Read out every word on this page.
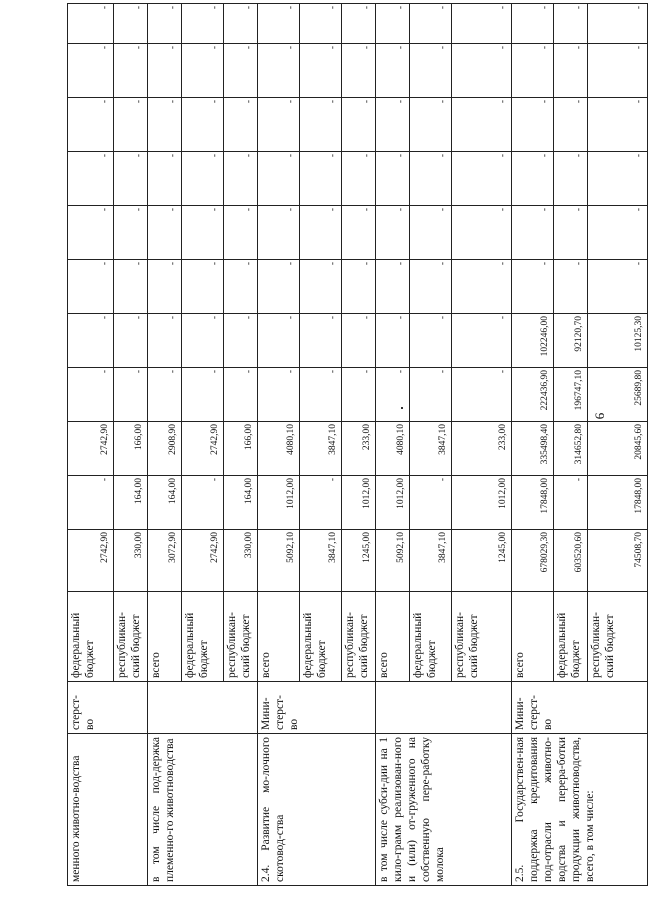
9
менного животно-водства	стерст-во	федеральный бюджет	2742,90	-	2742,90	-	-	-	-	-	-	-	-
		республикан-ский бюджет	330,00	164,00	166,00	-	-	-	-	-	-	-	-
в том числе под-держка племенно-го животноводства		всего	3072,90	164,00	2908,90	-	-	-	-	-	-	-	-
		федеральный бюджет	2742,90	-	2742,90	-	-	-	-	-	-	-	-
		республикан-ский бюджет	330,00	164,00	166,00	-	-	-	-	-	-	-	-
2.4. Развитие мо-лочного скотовод-ства	Мини-стерст-во	всего	5092,10	1012,00	4080,10	-	-	-	-	-	-	-	-
		федеральный бюджет	3847,10	-	3847,10	-	-	-	-	-	-	-	-
		республикан-ский бюджет	1245,00	1012,00	233,00	-	-	-	-	-	-	-	-
в том числе субси-дии на 1 кило-грамм реализован-ного и (или) от-груженного на собственную пере-работку молока		всего	5092,10	1012,00	4080,10	-	-	-	-	-	-	-	-
		федеральный бюджет	3847,10	-	3847,10	-	-	-	-	-	-	-	-
		республикан-ский бюджет	1245,00	1012,00	233,00	-	-	-	-	-	-	-	-
2.5. Государствен-ная поддержка кредитования под-отрасли животно-водства и перера-ботки продукции животноводства, всего, в том числе:	Мини-стерст-во	всего	678029,30	17848,00	335498,40	222436,90	102246,00	-	-	-	-	-	-
		федеральный бюджет	603520,60	-	314652,80	196747,10	92120,70	-	-	-	-	-	-
		республикан-ский бюджет	74508,70	17848,00	20845,60	25689,80	10125,30	-	-	-	-	-	-
